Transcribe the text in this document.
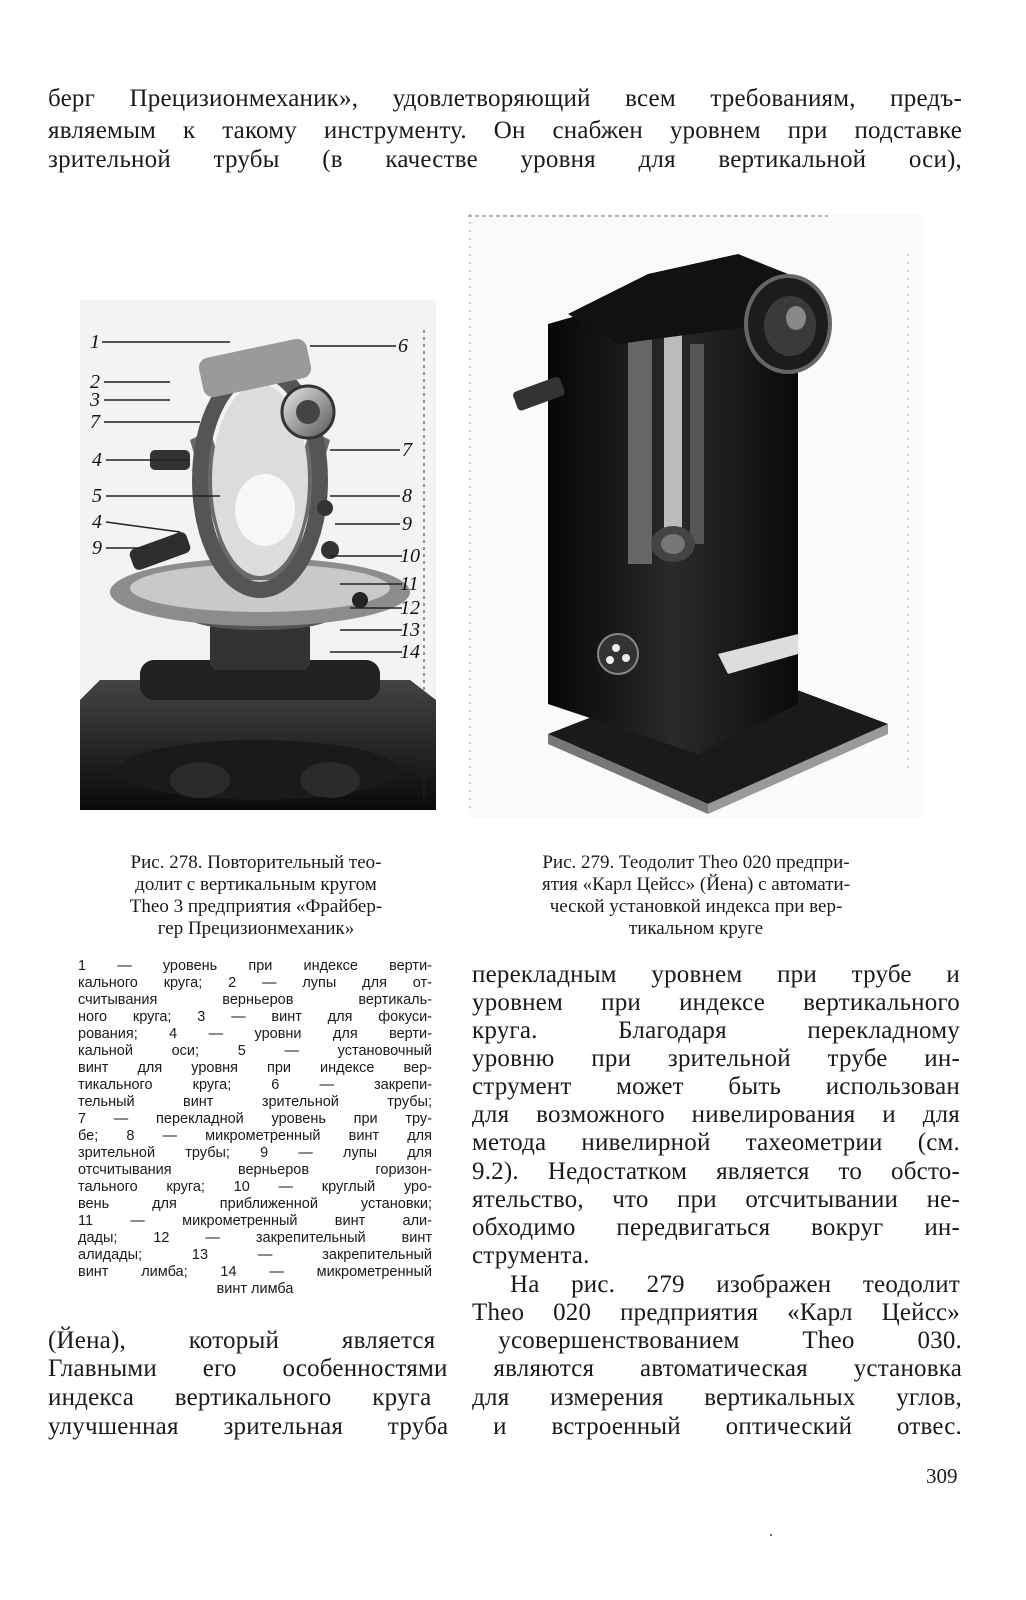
берг Прецизионмеханик», удовлетворяющий всем требованиям, предъ-
являемым к такому инструменту. Он снабжен уровнем при подставке
зрительной трубы (в качестве уровня для вертикальной оси),
1
2
3
7
4
5
4
9
6
7
8
9
10
11
12
13
14
Рис. 278. Повторительный тео-
долит с вертикальным кругом
Theo 3 предприятия «Фрайбер-
гер Прецизионмеханик»
Рис. 279. Теодолит Theo 020 предпри-
ятия «Карл Цейсс» (Йена) с автомати-
ческой установкой индекса при вер-
тикальном круге
1 — уровень при индексе верти-
кального круга; 2 — лупы для от-
считывания верньеров вертикаль-
ного круга; 3 — винт для фокуси-
рования; 4 — уровни для верти-
кальной оси; 5 — установочный
винт для уровня при индексе вер-
тикального круга; 6 — закрепи-
тельный винт зрительной трубы;
7 — перекладной уровень при тру-
бе; 8 — микрометренный винт для
зрительной трубы; 9 — лупы для
отсчитывания верньеров горизон-
тального круга; 10 — круглый уро-
вень для приближенной установки;
11 — микрометренный винт али-
дады; 12 — закрепительный винт
алидады; 13 — закрепительный
винт лимба; 14 — микрометренный
винт лимба
перекладным уровнем при трубе и
уровнем при индексе вертикального
круга. Благодаря перекладному
уровню при зрительной трубе ин-
струмент может быть использован
для возможного нивелирования и для
метода нивелирной тахеометрии (см.
9.2). Недостатком является то обсто-
ятельство, что при отсчитывании не-
обходимо передвигаться вокруг ин-
струмента.
На рис. 279 изображен теодолит
Theo 020 предприятия «Карл Цейсс»
(Йена), который является усовершенствованием Theo 030.
Главными его особенностями являются автоматическая установка
индекса вертикального круга для измерения вертикальных углов,
улучшенная зрительная труба и встроенный оптический отвес.
309
